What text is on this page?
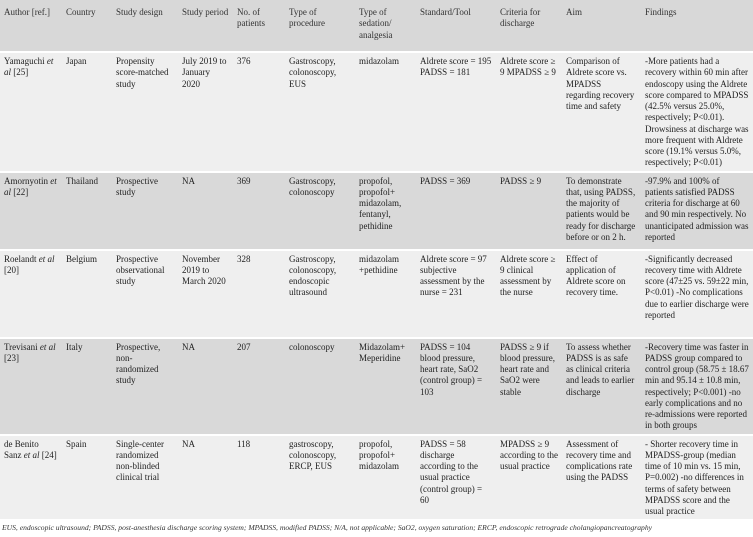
Author [ref.]	Country	Study design	Study period	No. of patients	Type of procedure	Type of sedation/ analgesia	Standard/Tool	Criteria for discharge	Aim	Findings
Yamaguchi et al [25]	Japan	Propensity score-matched study	July 2019 to January 2020	376	Gastroscopy, colonoscopy, EUS	midazolam	Aldrete score = 195 PADSS = 181	Aldrete score ≥ 9 MPADSS ≥ 9	Comparison of Aldrete score vs. MPADSS regarding recovery time and safety	-More patients had a recovery within 60 min after endoscopy using the Aldrete score compared to MPADSS (42.5% versus 25.0%, respectively; P<0.01). Drowsiness at discharge was more frequent with Aldrete score (19.1% versus 5.0%, respectively; P<0.01)
Amornyotin et al [22]	Thailand	Prospective study	NA	369	Gastroscopy, colonoscopy	propofol, propofol+ midazolam, fentanyl, pethidine	PADSS = 369	PADSS ≥ 9	To demonstrate that, using PADSS, the majority of patients would be ready for discharge before or on 2 h.	-97.9% and 100% of patients satisfied PADSS criteria for discharge at 60 and 90 min respectively. No unanticipated admission was reported
Roelandt et al [20]	Belgium	Prospective observational study	November 2019 to March 2020	328	Gastroscopy, colonoscopy, endoscopic ultrasound	midazolam +pethidine	Aldrete score = 97 subjective assessment by the nurse = 231	Aldrete score ≥ 9 clinical assessment by the nurse	Effect of application of Aldrete score on recovery time.	-Significantly decreased recovery time with Aldrete score (47±25 vs. 59±22 min, P<0.01) -No complications due to earlier discharge were reported
Trevisani et al [23]	Italy	Prospective, non-randomized study	NA	207	colonoscopy	Midazolam+ Meperidine	PADSS = 104 blood pressure, heart rate, SaO2 (control group) = 103	PADSS ≥ 9 if blood pressure, heart rate and SaO2 were stable	To assess whether PADSS is as safe as clinical criteria and leads to earlier discharge	-Recovery time was faster in PADSS group compared to control group (58.75 ± 18.67 min and 95.14 ± 10.8 min, respectively; P<0.001) -no early complications and no re-admissions were reported in both groups
de Benito Sanz et al [24]	Spain	Single-center randomized non-blinded clinical trial	NA	118	gastroscopy, colonoscopy, ERCP, EUS	propofol, propofol+ midazolam	PADSS = 58 discharge according to the usual practice (control group) = 60	MPADSS ≥ 9 according to the usual practice	Assessment of recovery time and complications rate using the PADSS	- Shorter recovery time in MPADSS-group (median time of 10 min vs. 15 min, P=0.002) -no differences in terms of safety between MPADSS score and the usual practice
EUS, endoscopic ultrasound; PADSS, post-anesthesia discharge scoring system; MPADSS, modified PADSS; N/A, not applicable; SaO2, oxygen saturation; ERCP, endoscopic retrograde cholangiopancreatography
